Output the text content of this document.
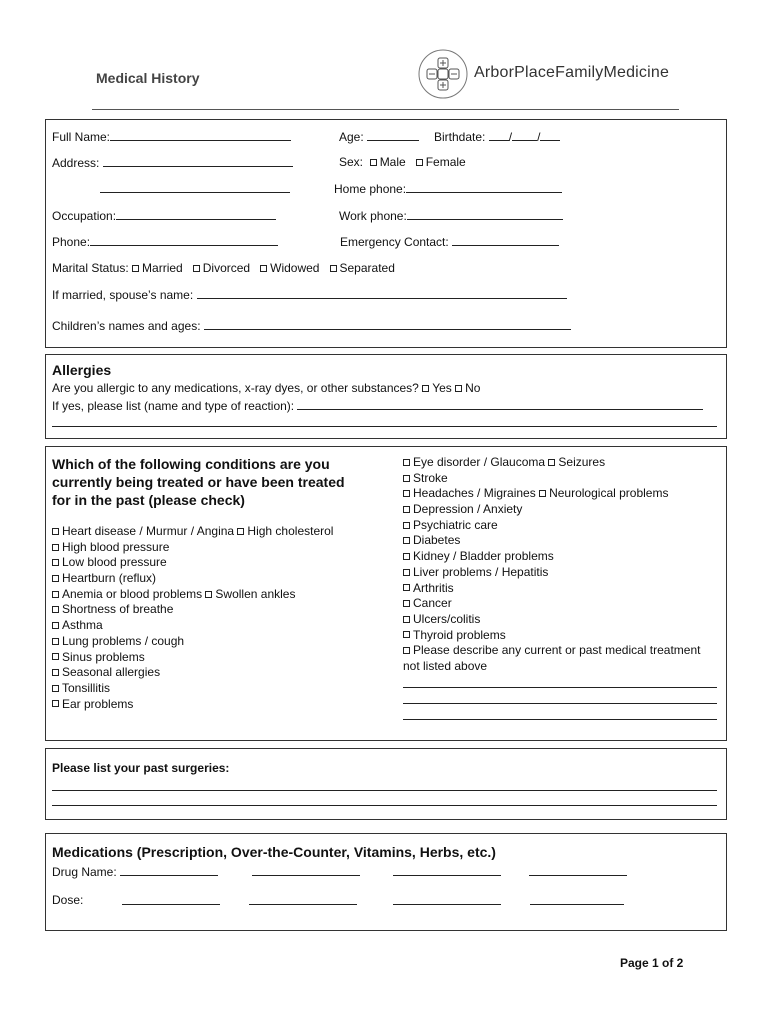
Medical History	ArborPlaceFamilyMedicine
Full Name:	Age:	Birthdate: / /
Address:	Sex: Male Female
Home phone:
Occupation:	Work phone:
Phone:	Emergency Contact:
Marital Status: Married Divorced Widowed Separated
If married, spouse’s name:
Children’s names and ages:
Allergies
Are you allergic to any medications, x-ray dyes, or other substances? Yes No
If yes, please list (name and type of reaction):
Which of the following conditions are you
currently being treated or have been treated
for in the past (please check)
Heart disease / Murmur / Angina High cholesterol
High blood pressure
Low blood pressure
Heartburn (reflux)
Anemia or blood problems Swollen ankles
Shortness of breathe
Asthma
Lung problems / cough
Sinus problems
Seasonal allergies
Tonsillitis
Ear problems
Eye disorder / Glaucoma Seizures
Stroke
Headaches / Migraines Neurological problems
Depression / Anxiety
Psychiatric care
Diabetes
Kidney / Bladder problems
Liver problems / Hepatitis
Arthritis
Cancer
Ulcers/colitis
Thyroid problems
Please describe any current or past medical treatment
not listed above
Please list your past surgeries:
Medications (Prescription, Over-the-Counter, Vitamins, Herbs, etc.)
Drug Name:

Dose:

Page 1 of 2
